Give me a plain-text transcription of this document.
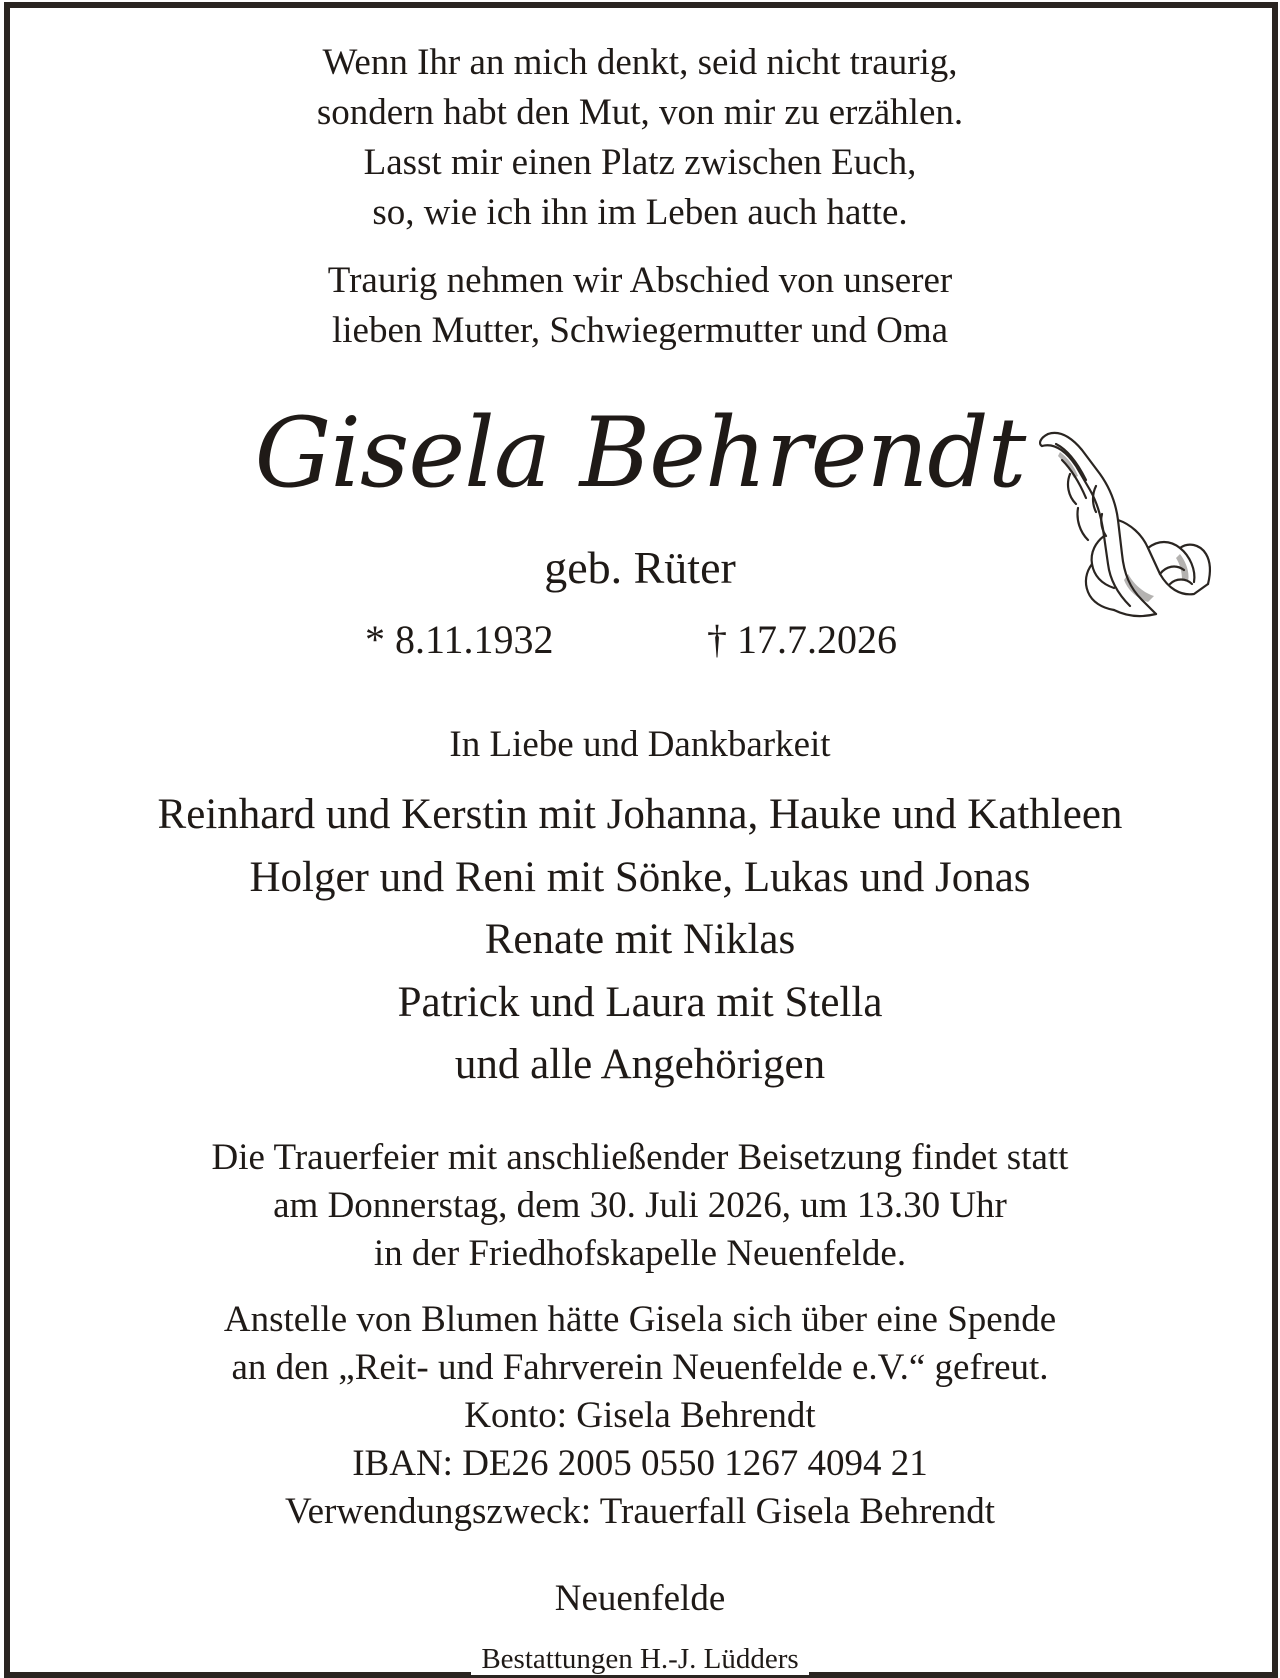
Wenn Ihr an mich denkt, seid nicht traurig,
sondern habt den Mut, von mir zu erzählen.
Lasst mir einen Platz zwischen Euch,
so, wie ich ihn im Leben auch hatte.
Traurig nehmen wir Abschied von unserer
lieben Mutter, Schwiegermutter und Oma
Gisela Behrendt
geb. Rüter
* 8.11.1932	† 17.7.2026
In Liebe und Dankbarkeit
Reinhard und Kerstin mit Johanna, Hauke und Kathleen
Holger und Reni mit Sönke, Lukas und Jonas
Renate mit Niklas
Patrick und Laura mit Stella
und alle Angehörigen
Die Trauerfeier mit anschließender Beisetzung findet statt
am Donnerstag, dem 30. Juli 2026, um 13.30 Uhr
in der Friedhofskapelle Neuenfelde.
Anstelle von Blumen hätte Gisela sich über eine Spende
an den „Reit- und Fahrverein Neuenfelde e.V.“ gefreut.
Konto: Gisela Behrendt
IBAN: DE26 2005 0550 1267 4094 21
Verwendungszweck: Trauerfall Gisela Behrendt
Neuenfelde
Bestattungen H.-J. Lüdders
